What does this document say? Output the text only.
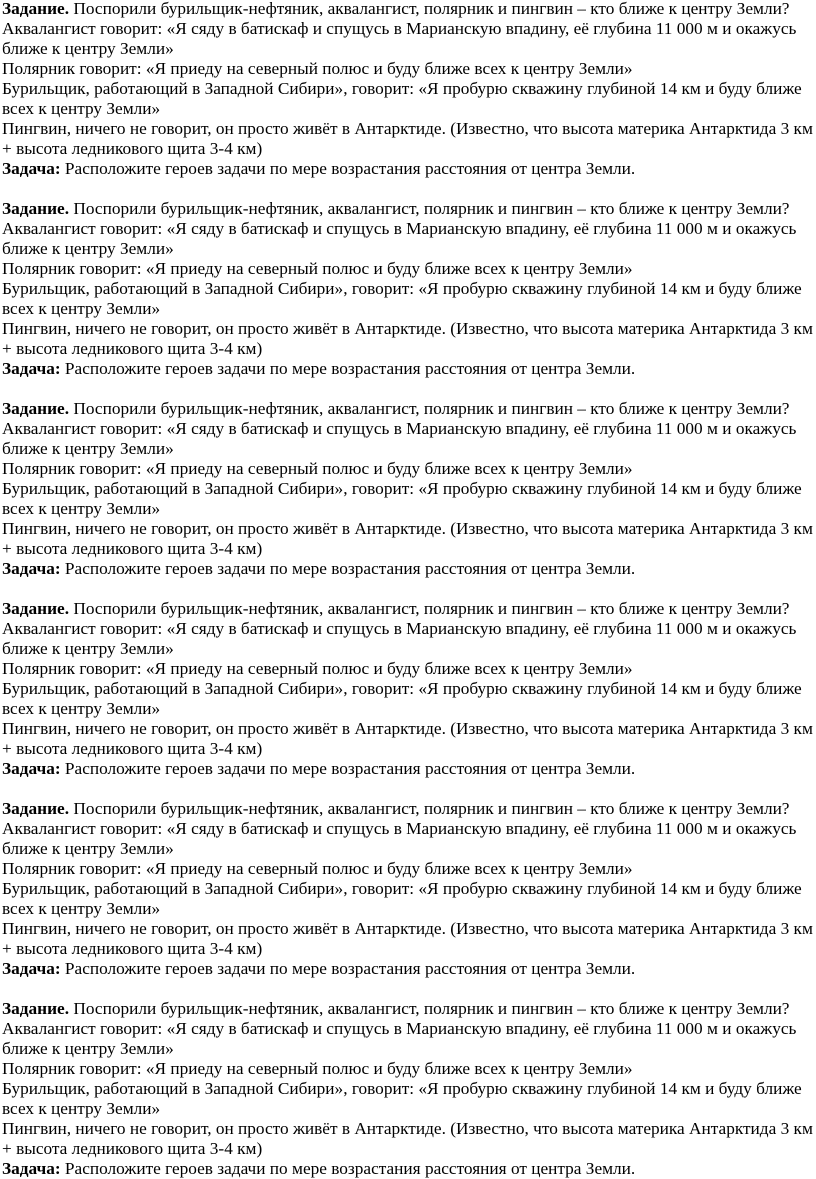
Задание. Поспорили бурильщик-нефтяник, аквалангист, полярник и пингвин – кто ближе к центру Земли?
Аквалангист говорит: «Я сяду в батискаф и спущусь в Марианскую впадину, её глубина 11 000 м и окажусь
ближе к центру Земли»
Полярник говорит: «Я приеду на северный полюс и буду ближе всех к центру Земли»
Бурильщик, работающий в Западной Сибири», говорит: «Я пробурю скважину глубиной 14 км и буду ближе
всех к центру Земли»
Пингвин, ничего не говорит, он просто живёт в Антарктиде. (Известно, что высота материка Антарктида 3 км
+ высота ледникового щита 3-4 км)
Задача: Расположите героев задачи по мере возрастания расстояния от центра Земли.
Задание. Поспорили бурильщик-нефтяник, аквалангист, полярник и пингвин – кто ближе к центру Земли?
Аквалангист говорит: «Я сяду в батискаф и спущусь в Марианскую впадину, её глубина 11 000 м и окажусь
ближе к центру Земли»
Полярник говорит: «Я приеду на северный полюс и буду ближе всех к центру Земли»
Бурильщик, работающий в Западной Сибири», говорит: «Я пробурю скважину глубиной 14 км и буду ближе
всех к центру Земли»
Пингвин, ничего не говорит, он просто живёт в Антарктиде. (Известно, что высота материка Антарктида 3 км
+ высота ледникового щита 3-4 км)
Задача: Расположите героев задачи по мере возрастания расстояния от центра Земли.
Задание. Поспорили бурильщик-нефтяник, аквалангист, полярник и пингвин – кто ближе к центру Земли?
Аквалангист говорит: «Я сяду в батискаф и спущусь в Марианскую впадину, её глубина 11 000 м и окажусь
ближе к центру Земли»
Полярник говорит: «Я приеду на северный полюс и буду ближе всех к центру Земли»
Бурильщик, работающий в Западной Сибири», говорит: «Я пробурю скважину глубиной 14 км и буду ближе
всех к центру Земли»
Пингвин, ничего не говорит, он просто живёт в Антарктиде. (Известно, что высота материка Антарктида 3 км
+ высота ледникового щита 3-4 км)
Задача: Расположите героев задачи по мере возрастания расстояния от центра Земли.
Задание. Поспорили бурильщик-нефтяник, аквалангист, полярник и пингвин – кто ближе к центру Земли?
Аквалангист говорит: «Я сяду в батискаф и спущусь в Марианскую впадину, её глубина 11 000 м и окажусь
ближе к центру Земли»
Полярник говорит: «Я приеду на северный полюс и буду ближе всех к центру Земли»
Бурильщик, работающий в Западной Сибири», говорит: «Я пробурю скважину глубиной 14 км и буду ближе
всех к центру Земли»
Пингвин, ничего не говорит, он просто живёт в Антарктиде. (Известно, что высота материка Антарктида 3 км
+ высота ледникового щита 3-4 км)
Задача: Расположите героев задачи по мере возрастания расстояния от центра Земли.
Задание. Поспорили бурильщик-нефтяник, аквалангист, полярник и пингвин – кто ближе к центру Земли?
Аквалангист говорит: «Я сяду в батискаф и спущусь в Марианскую впадину, её глубина 11 000 м и окажусь
ближе к центру Земли»
Полярник говорит: «Я приеду на северный полюс и буду ближе всех к центру Земли»
Бурильщик, работающий в Западной Сибири», говорит: «Я пробурю скважину глубиной 14 км и буду ближе
всех к центру Земли»
Пингвин, ничего не говорит, он просто живёт в Антарктиде. (Известно, что высота материка Антарктида 3 км
+ высота ледникового щита 3-4 км)
Задача: Расположите героев задачи по мере возрастания расстояния от центра Земли.
Задание. Поспорили бурильщик-нефтяник, аквалангист, полярник и пингвин – кто ближе к центру Земли?
Аквалангист говорит: «Я сяду в батискаф и спущусь в Марианскую впадину, её глубина 11 000 м и окажусь
ближе к центру Земли»
Полярник говорит: «Я приеду на северный полюс и буду ближе всех к центру Земли»
Бурильщик, работающий в Западной Сибири», говорит: «Я пробурю скважину глубиной 14 км и буду ближе
всех к центру Земли»
Пингвин, ничего не говорит, он просто живёт в Антарктиде. (Известно, что высота материка Антарктида 3 км
+ высота ледникового щита 3-4 км)
Задача: Расположите героев задачи по мере возрастания расстояния от центра Земли.
